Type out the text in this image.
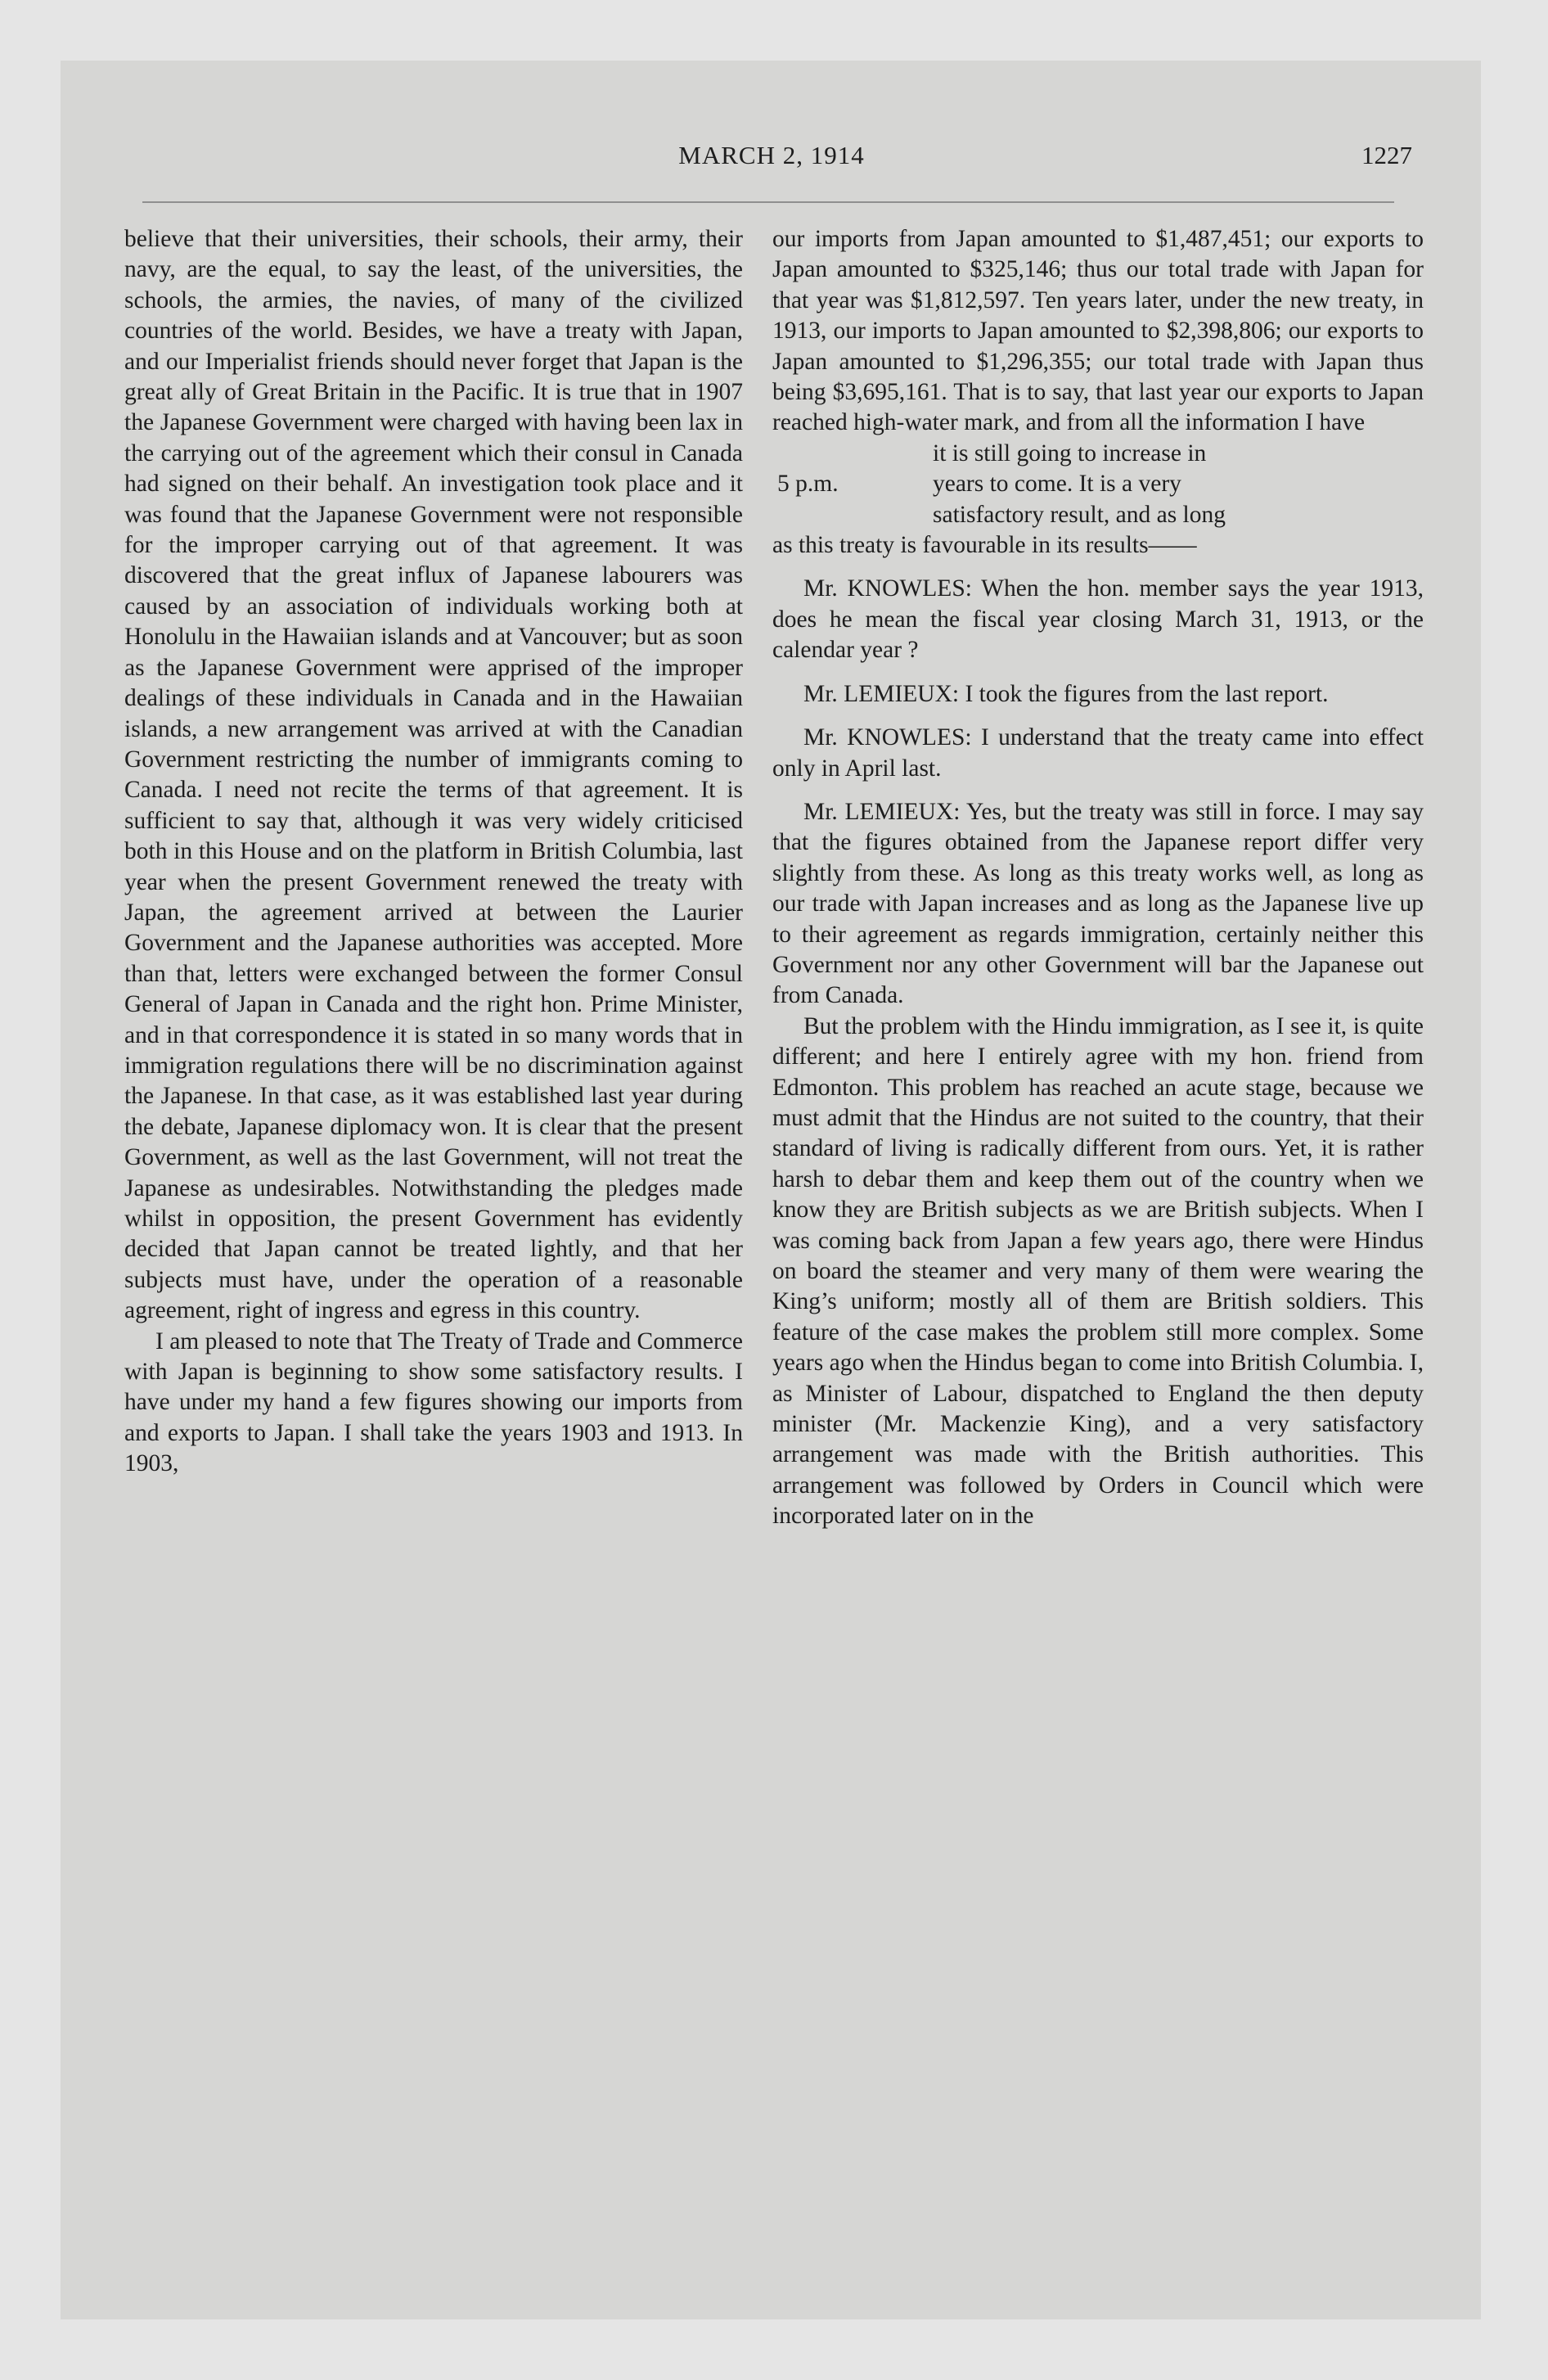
MARCH 2, 1914	1227

believe that their universities, their schools, their army, their navy, are the equal, to say the least, of the universities, the schools, the armies, the navies, of many of the civilized countries of the world. Besides, we have a treaty with Japan, and our Imperialist friends should never forget that Japan is the great ally of Great Britain in the Pacific. It is true that in 1907 the Japanese Government were charged with having been lax in the carrying out of the agreement which their consul in Canada had signed on their behalf. An investigation took place and it was found that the Japanese Government were not responsible for the improper carrying out of that agreement. It was discovered that the great influx of Japanese labourers was caused by an association of individuals working both at Honolulu in the Hawaiian islands and at Vancouver; but as soon as the Japanese Government were apprised of the improper dealings of these individuals in Canada and in the Hawaiian islands, a new arrangement was arrived at with the Canadian Government restricting the number of immigrants coming to Canada. I need not recite the terms of that agreement. It is sufficient to say that, although it was very widely criticised both in this House and on the platform in British Columbia, last year when the present Government renewed the treaty with Japan, the agreement arrived at between the Laurier Government and the Japanese authorities was accepted. More than that, letters were exchanged between the former Consul General of Japan in Canada and the right hon. Prime Minister, and in that correspondence it is stated in so many words that in immigration regulations there will be no discrimination against the Japanese. In that case, as it was established last year during the debate, Japanese diplomacy won. It is clear that the present Government, as well as the last Government, will not treat the Japanese as undesirables. Notwithstanding the pledges made whilst in opposition, the present Government has evidently decided that Japan cannot be treated lightly, and that her subjects must have, under the operation of a reasonable agreement, right of ingress and egress in this country.

I am pleased to note that The Treaty of Trade and Commerce with Japan is beginning to show some satisfactory results. I have under my hand a few figures showing our imports from and exports to Japan. I shall take the years 1903 and 1913. In 1903,

our imports from Japan amounted to $1,487,451; our exports to Japan amounted to $325,146; thus our total trade with Japan for that year was $1,812,597. Ten years later, under the new treaty, in 1913, our imports to Japan amounted to $2,398,806; our exports to Japan amounted to $1,296,355; our total trade with Japan thus being $3,695,161. That is to say, that last year our exports to Japan reached high-water mark, and from all the information I have

it is still going to increase in

5 p.m.	years to come. It is a very

satisfactory result, and as long

as this treaty is favourable in its results——

Mr. KNOWLES: When the hon. member says the year 1913, does he mean the fiscal year closing March 31, 1913, or the calendar year ?

Mr. LEMIEUX: I took the figures from the last report.

Mr. KNOWLES: I understand that the treaty came into effect only in April last.

Mr. LEMIEUX: Yes, but the treaty was still in force. I may say that the figures obtained from the Japanese report differ very slightly from these. As long as this treaty works well, as long as our trade with Japan increases and as long as the Japanese live up to their agreement as regards immigration, certainly neither this Government nor any other Government will bar the Japanese out from Canada.

But the problem with the Hindu immigration, as I see it, is quite different; and here I entirely agree with my hon. friend from Edmonton. This problem has reached an acute stage, because we must admit that the Hindus are not suited to the country, that their standard of living is radically different from ours. Yet, it is rather harsh to debar them and keep them out of the country when we know they are British subjects as we are British subjects. When I was coming back from Japan a few years ago, there were Hindus on board the steamer and very many of them were wearing the King’s uniform; mostly all of them are British soldiers. This feature of the case makes the problem still more complex. Some years ago when the Hindus began to come into British Columbia. I, as Minister of Labour, dispatched to England the then deputy minister (Mr. Mackenzie King), and a very satisfactory arrangement was made with the British authorities. This arrangement was followed by Orders in Council which were incorporated later on in the
